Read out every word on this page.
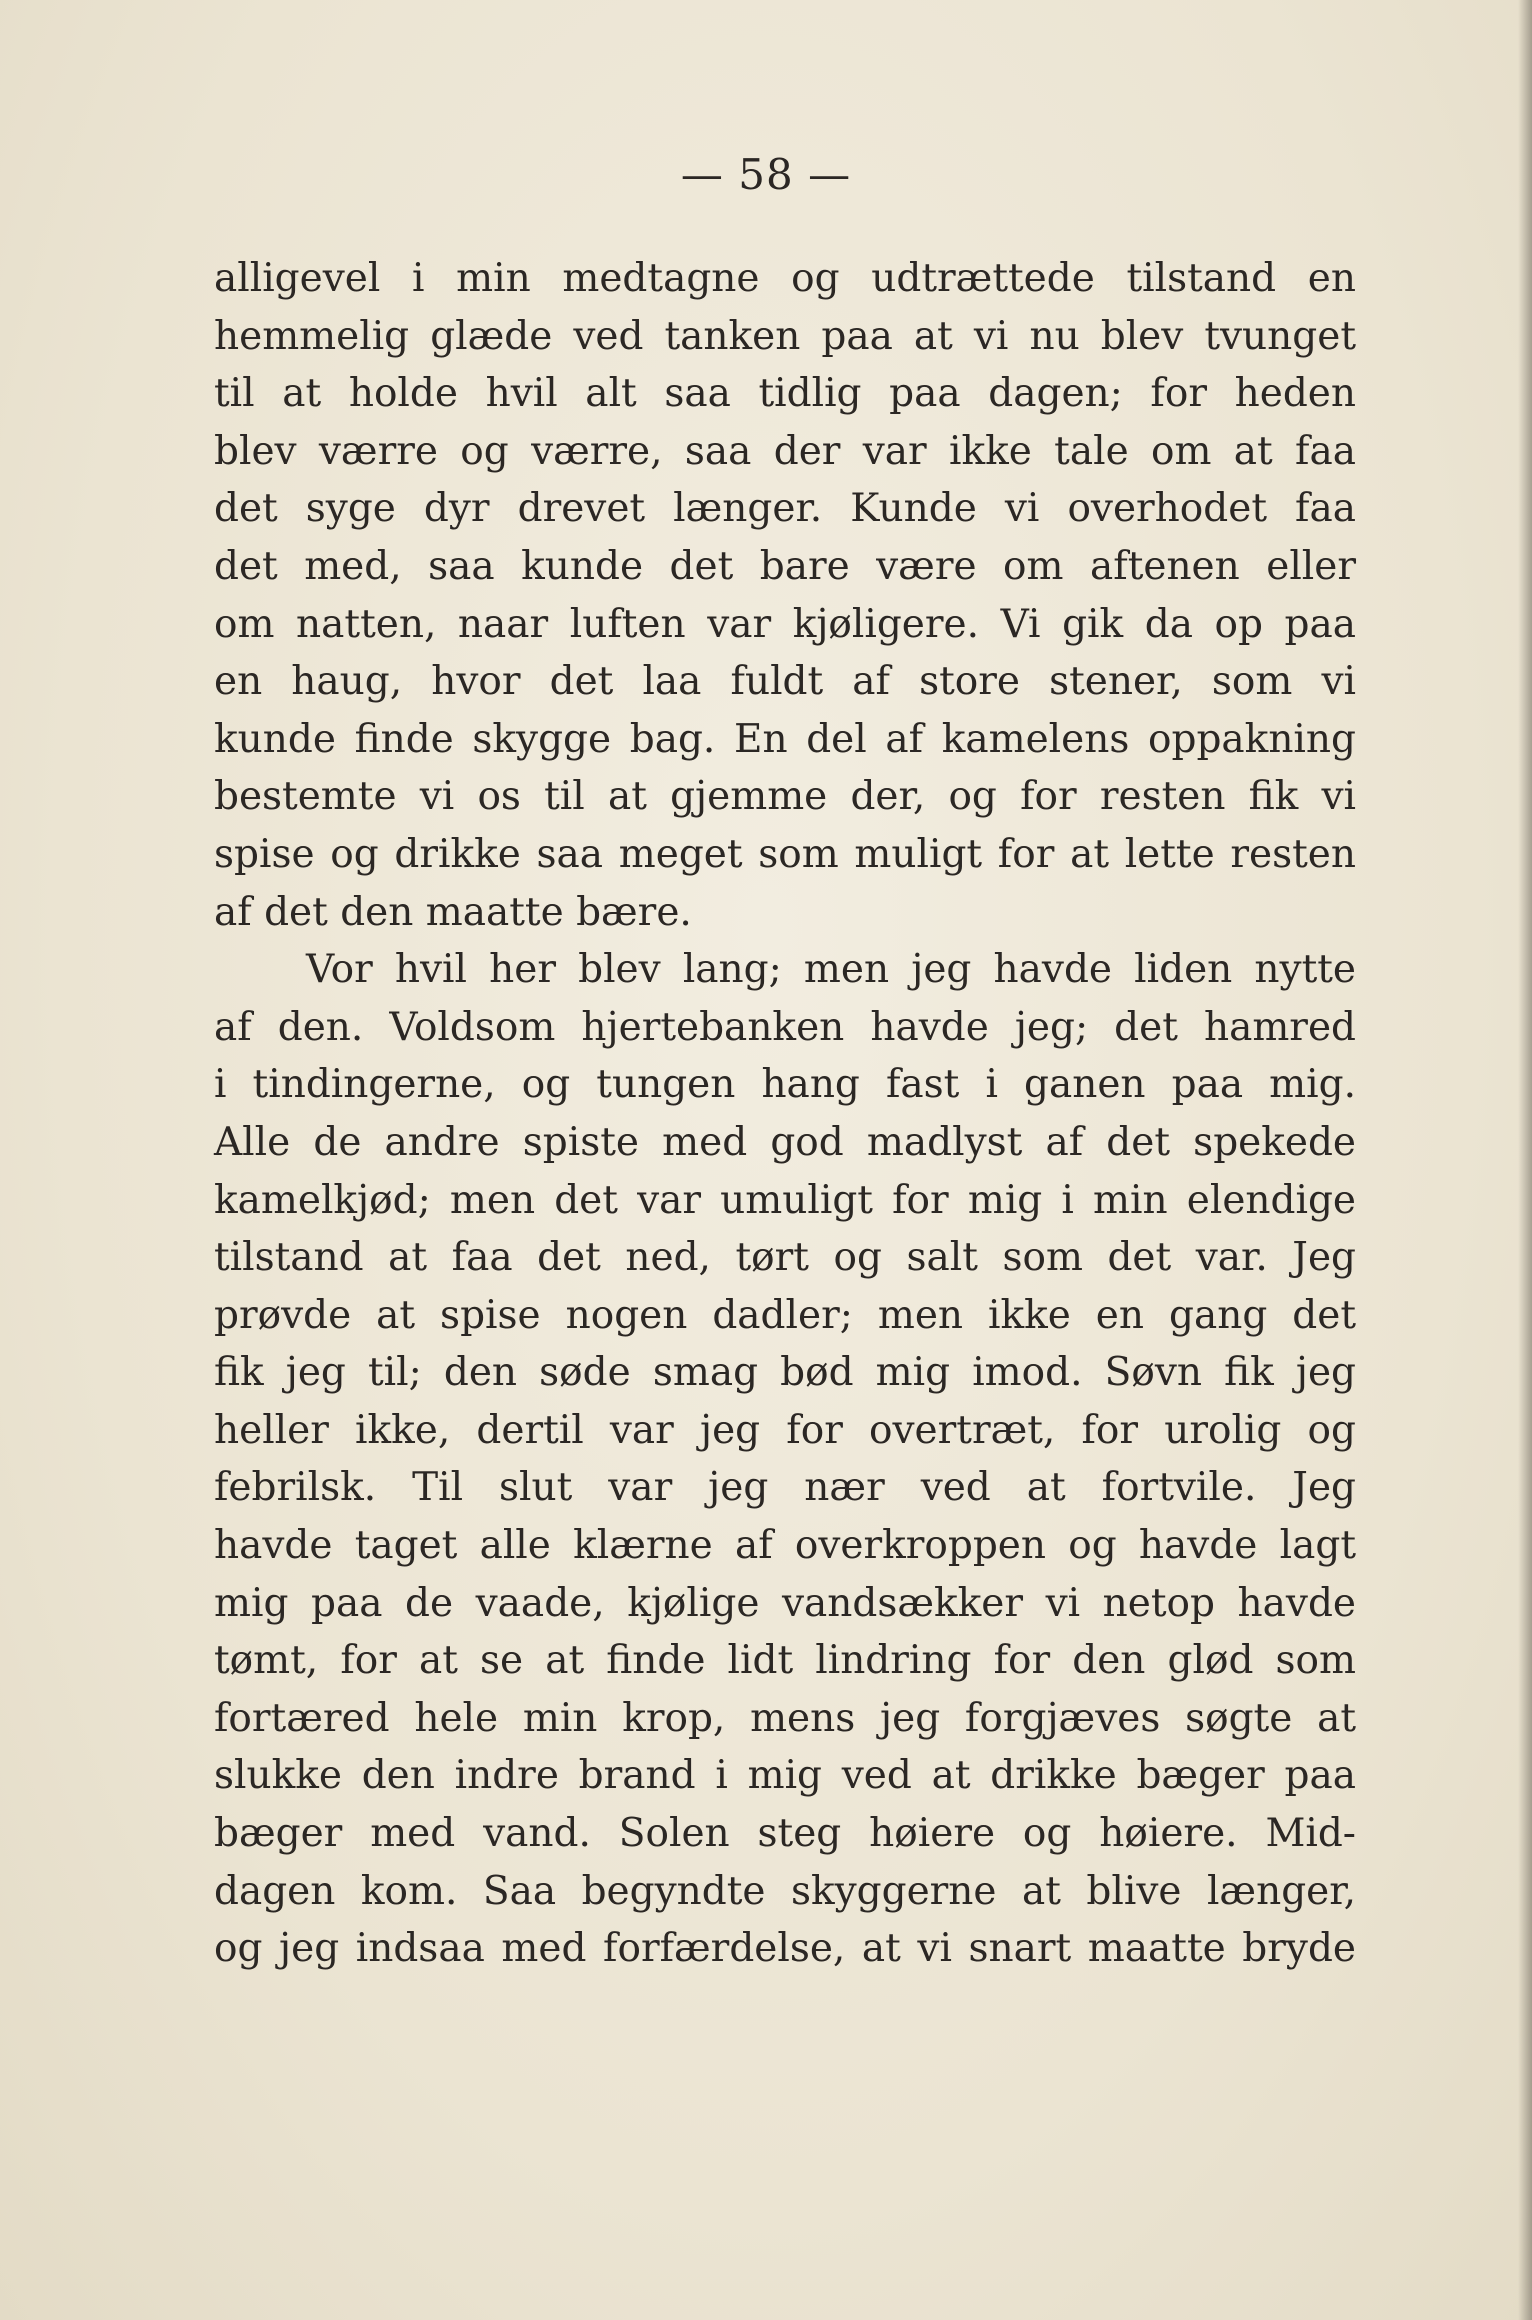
— 58 —
alligevel i min medtagne og udtrættede tilstand en
hemmelig glæde ved tanken paa at vi nu blev tvunget
til at holde hvil alt saa tidlig paa dagen; for heden
blev værre og værre, saa der var ikke tale om at faa
det syge dyr drevet længer. Kunde vi overhodet faa
det med, saa kunde det bare være om aftenen eller
om natten, naar luften var kjøligere. Vi gik da op paa
en haug, hvor det laa fuldt af store stener, som vi
kunde finde skygge bag. En del af kamelens oppakning
bestemte vi os til at gjemme der, og for resten fik vi
spise og drikke saa meget som muligt for at lette resten
af det den maatte bære.
Vor hvil her blev lang; men jeg havde liden nytte
af den. Voldsom hjertebanken havde jeg; det hamred
i tindingerne, og tungen hang fast i ganen paa mig.
Alle de andre spiste med god madlyst af det spekede
kamelkjød; men det var umuligt for mig i min elendige
tilstand at faa det ned, tørt og salt som det var. Jeg
prøvde at spise nogen dadler; men ikke en gang det
fik jeg til; den søde smag bød mig imod. Søvn fik jeg
heller ikke, dertil var jeg for overtræt, for urolig og
febrilsk. Til slut var jeg nær ved at fortvile. Jeg
havde taget alle klærne af overkroppen og havde lagt
mig paa de vaade, kjølige vandsækker vi netop havde
tømt, for at se at finde lidt lindring for den glød som
fortæred hele min krop, mens jeg forgjæves søgte at
slukke den indre brand i mig ved at drikke bæger paa
bæger med vand. Solen steg høiere og høiere. Mid-
dagen kom. Saa begyndte skyggerne at blive længer,
og jeg indsaa med forfærdelse, at vi snart maatte bryde
